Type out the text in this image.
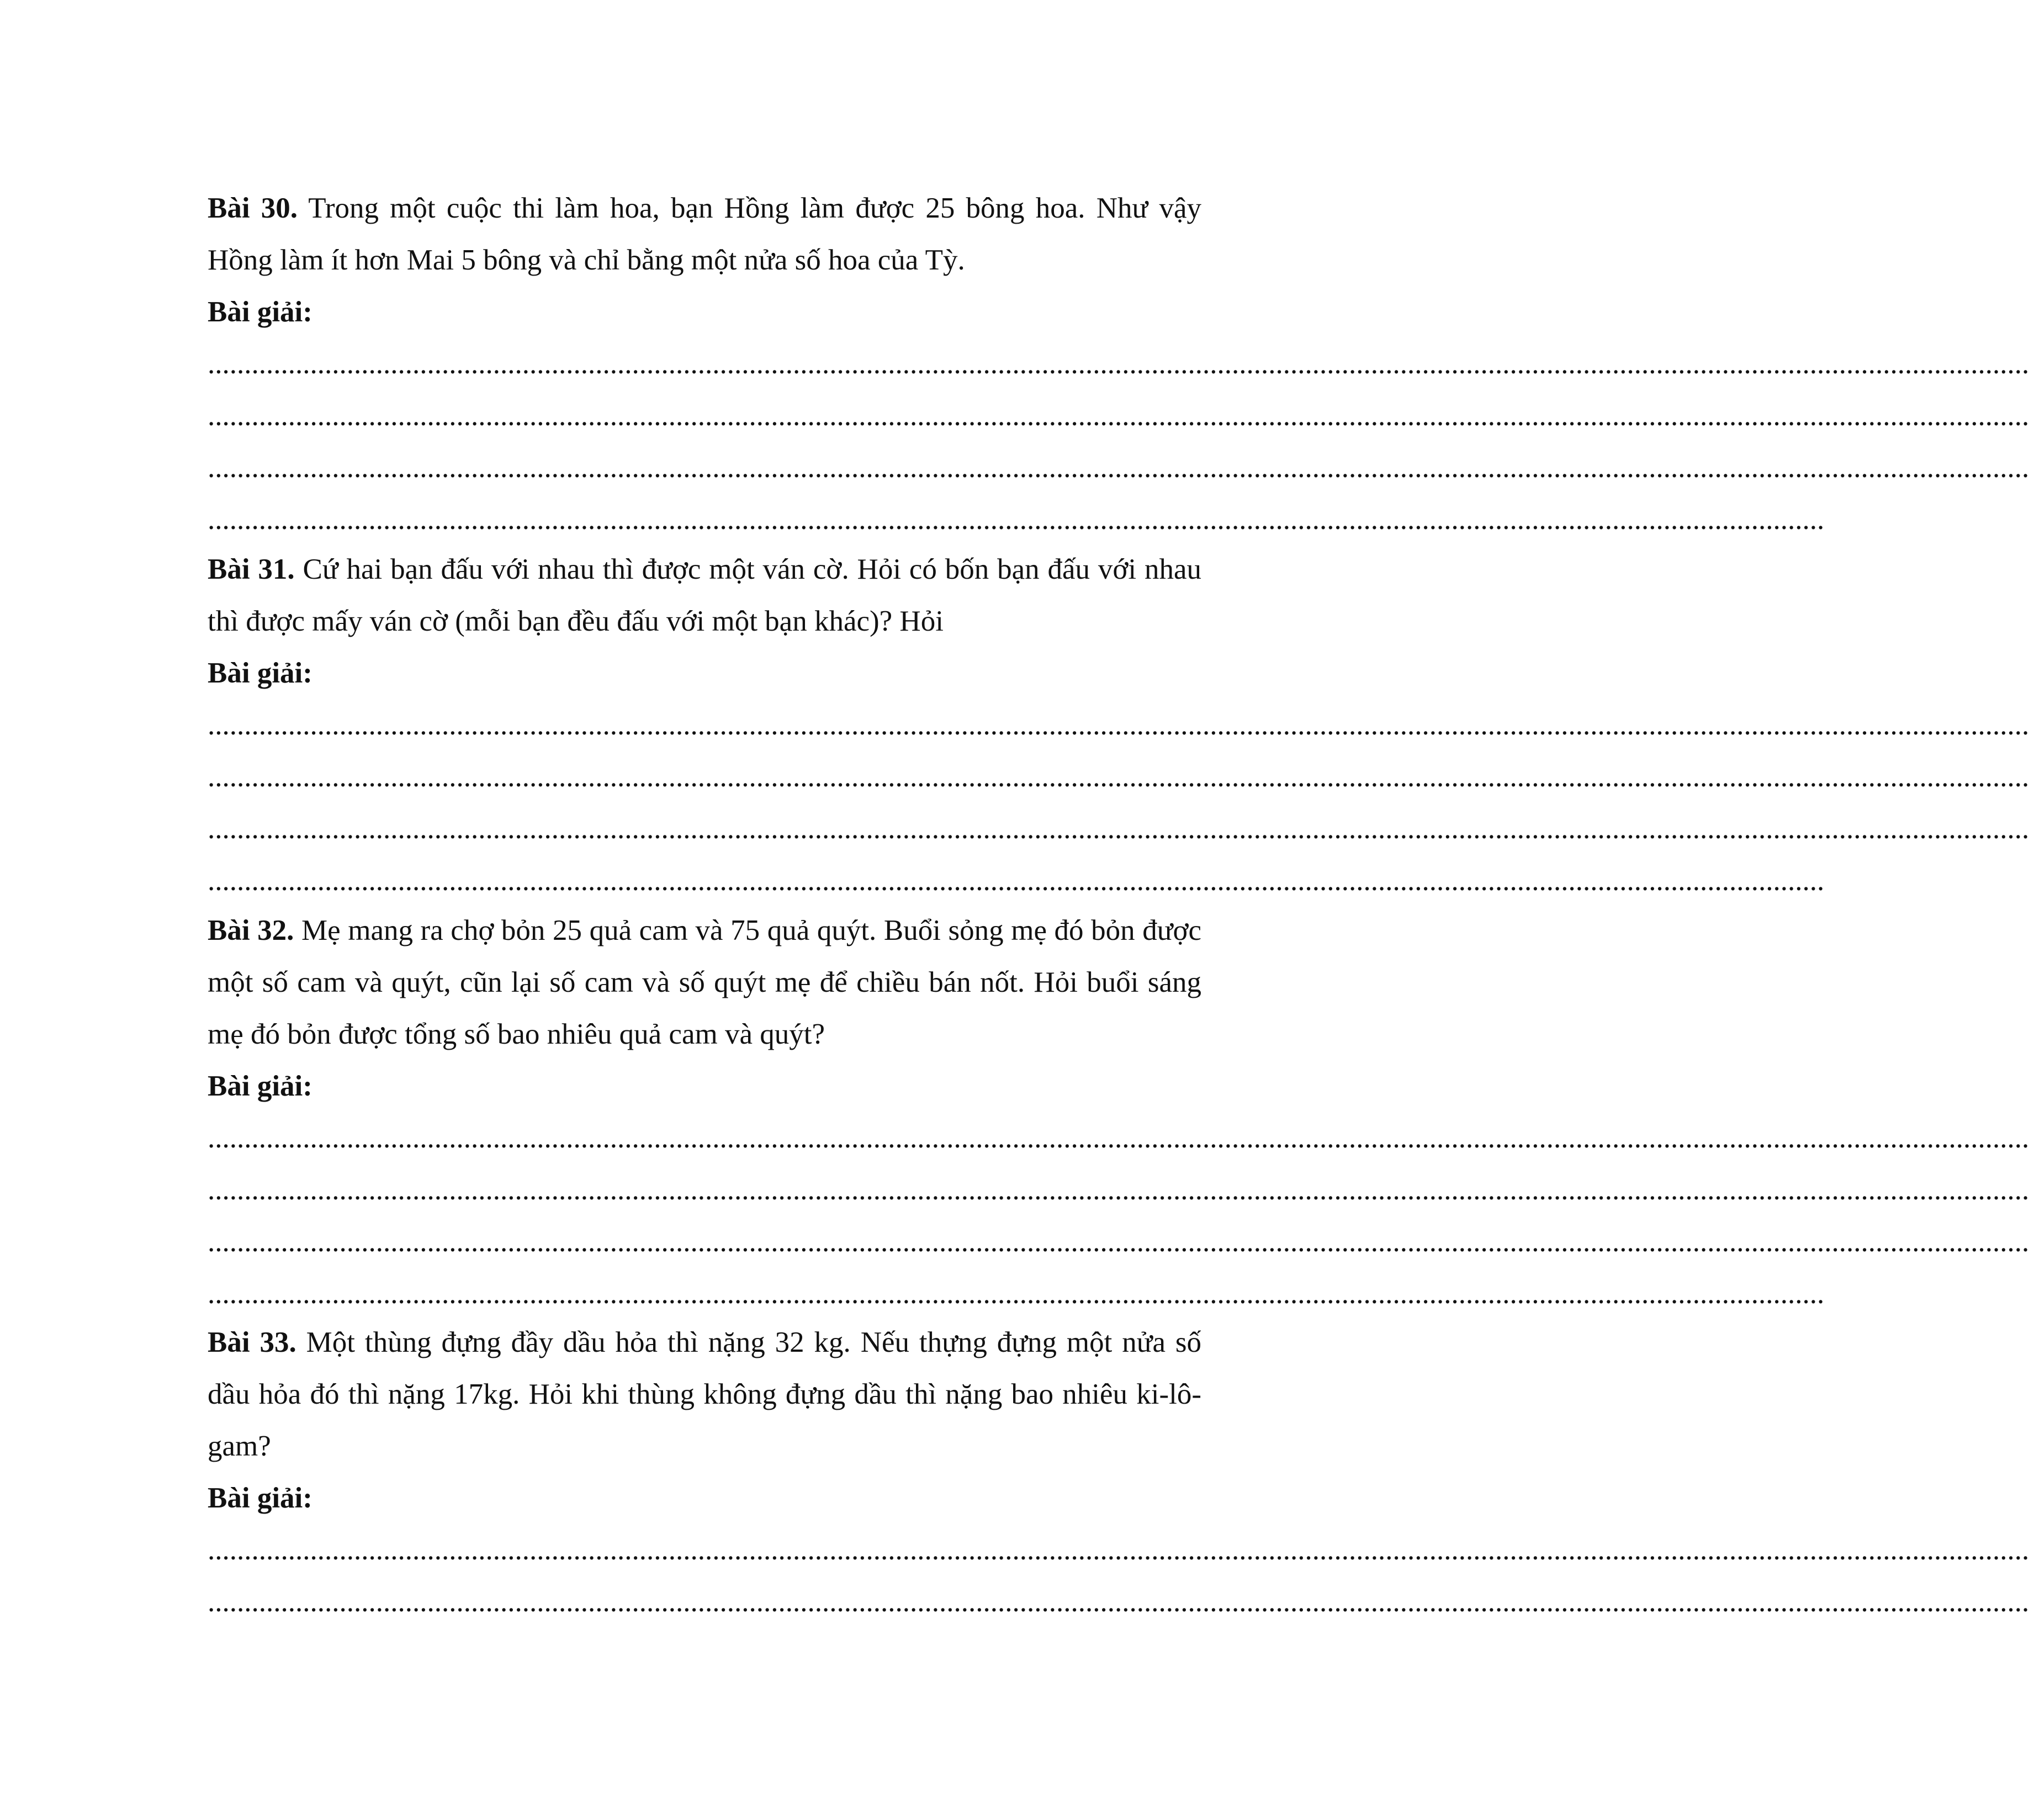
Bài 30. Trong một cuộc thi làm hoa, bạn Hồng làm được 25 bông hoa. Như vậy Hồng làm ít hơn Mai 5 bông và chỉ bằng một nửa số hoa của Tỳ.

Bài giải:

.........................................................................................................................................................................................................................................................
.........................................................................................................................................................................................................................................................
.........................................................................................................................................................................................................................................................
.............................................................................................................................................................................................................................

Bài 31. Cứ hai bạn đấu với nhau thì được một ván cờ. Hỏi có bốn bạn đấu với nhau thì được mấy ván cờ (mỗi bạn đều đấu với một bạn khác)? Hỏi

Bài giải:

.........................................................................................................................................................................................................................................................
.........................................................................................................................................................................................................................................................
.........................................................................................................................................................................................................................................................
.............................................................................................................................................................................................................................

Bài 32. Mẹ mang ra chợ bỏn 25 quả cam và 75 quả quýt. Buổi sỏng mẹ đó bỏn được một số cam và quýt, cũn lại số cam và số quýt mẹ để chiều bán nốt. Hỏi buổi sáng mẹ đó bỏn được tổng số bao nhiêu quả cam và quýt?

Bài giải:

.........................................................................................................................................................................................................................................................
.........................................................................................................................................................................................................................................................
.........................................................................................................................................................................................................................................................
.............................................................................................................................................................................................................................

Bài 33. Một thùng đựng đầy dầu hỏa thì nặng 32 kg. Nếu thựng đựng một nửa số dầu hỏa đó thì nặng 17kg. Hỏi khi thùng không đựng dầu thì nặng bao nhiêu ki-lô-gam?

Bài giải:

.........................................................................................................................................................................................................................................................
.........................................................................................................................................................................................................................................................
